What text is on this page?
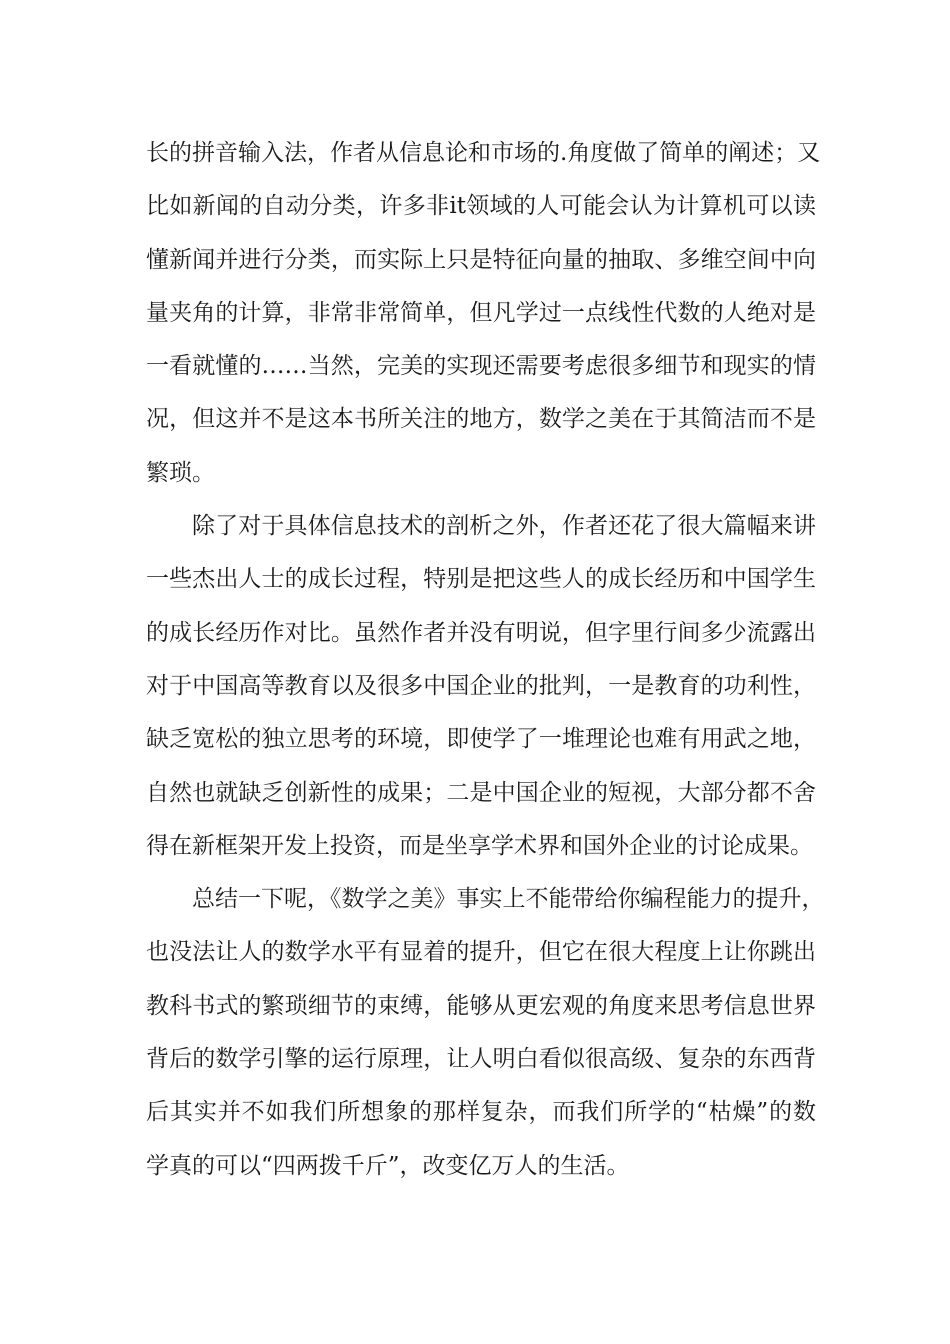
长的拼音输入法，作者从信息论和市场的.角度做了简单的阐述；又
比如新闻的自动分类，许多非it领域的人可能会认为计算机可以读
懂新闻并进行分类，而实际上只是特征向量的抽取、多维空间中向
量夹角的计算，非常非常简单，但凡学过一点线性代数的人绝对是
一看就懂的……当然，完美的实现还需要考虑很多细节和现实的情
况，但这并不是这本书所关注的地方，数学之美在于其简洁而不是
繁琐。
除了对于具体信息技术的剖析之外，作者还花了很大篇幅来讲
一些杰出人士的成长过程，特别是把这些人的成长经历和中国学生
的成长经历作对比。虽然作者并没有明说，但字里行间多少流露出
对于中国高等教育以及很多中国企业的批判，一是教育的功利性，
缺乏宽松的独立思考的环境，即使学了一堆理论也难有用武之地，
自然也就缺乏创新性的成果；二是中国企业的短视，大部分都不舍
得在新框架开发上投资，而是坐享学术界和国外企业的讨论成果。
总结一下呢，《数学之美》事实上不能带给你编程能力的提升，
也没法让人的数学水平有显着的提升，但它在很大程度上让你跳出
教科书式的繁琐细节的束缚，能够从更宏观的角度来思考信息世界
背后的数学引擎的运行原理，让人明白看似很高级、复杂的东西背
后其实并不如我们所想象的那样复杂，而我们所学的“枯燥”的数
学真的可以“四两拨千斤”，改变亿万人的生活。
